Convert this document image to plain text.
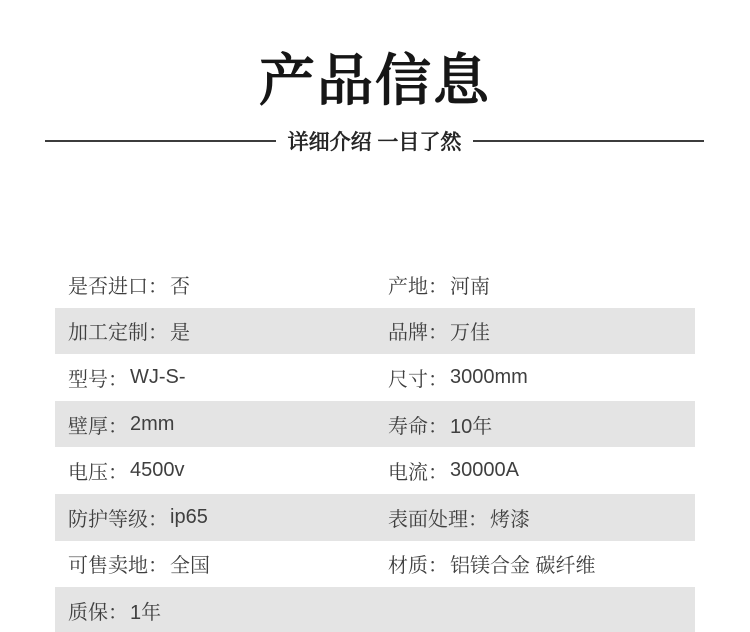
产品信息
详细介绍 一目了然
是否进口： 否	产地： 河南
加工定制： 是	品牌： 万佳
型号： WJ-S-	尺寸： 3000mm
壁厚： 2mm	寿命： 10年
电压： 4500v	电流： 30000A
防护等级： ip65	表面处理： 烤漆
可售卖地： 全国	材质： 铝镁合金 碳纤维
质保： 1年
